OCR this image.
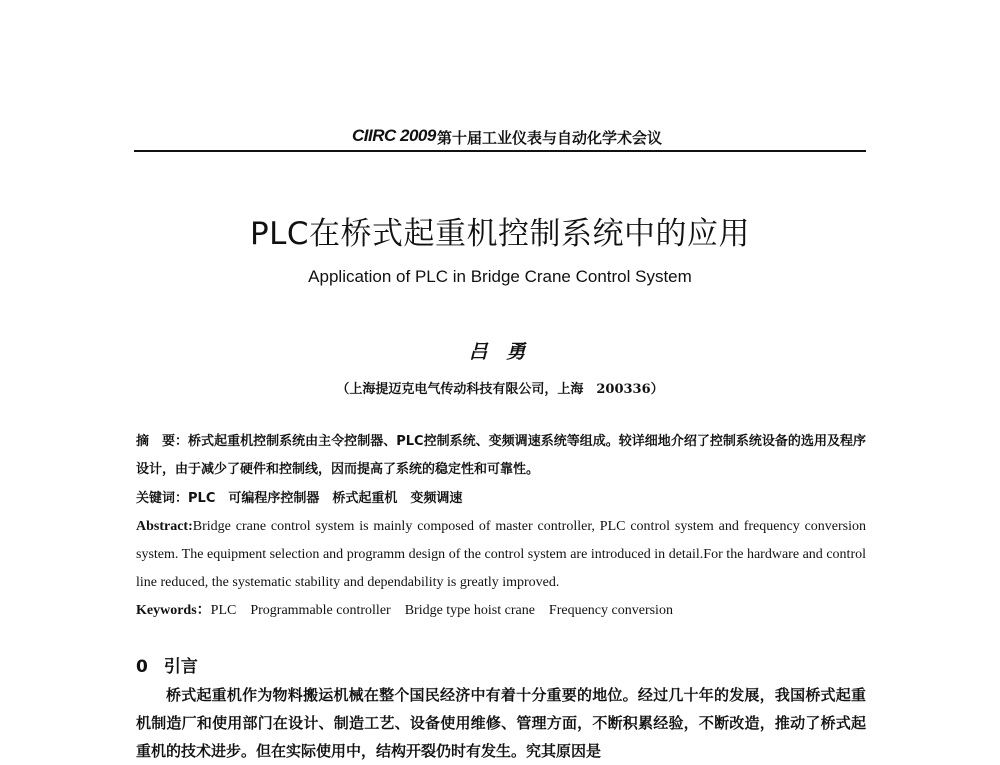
CIIRC 2009 第十届工业仪表与自动化学术会议
PLC在桥式起重机控制系统中的应用
Application of PLC in Bridge Crane Control System
吕 勇
（上海提迈克电气传动科技有限公司，上海　200336）
摘　要：桥式起重机控制系统由主令控制器、PLC控制系统、变频调速系统等组成。较详细地介绍了控制系统设备的选用及程序设计，由于减少了硬件和控制线，因而提高了系统的稳定性和可靠性。
关键词：PLC　可编程序控制器　桥式起重机　变频调速
Abstract:Bridge crane control system is mainly composed of master controller, PLC control system and frequency conversion system. The equipment selection and programm design of the control system are introduced in detail.For the hardware and control line reduced, the systematic stability and dependability is greatly improved.
Keywords：PLC　Programmable controller　Bridge type hoist crane　Frequency conversion
0 引言
桥式起重机作为物料搬运机械在整个国民经济中有着十分重要的地位。经过几十年的发展，我国桥式起重机制造厂和使用部门在设计、制造工艺、设备使用维修、管理方面，不断积累经验，不断改造，推动了桥式起重机的技术进步。但在实际使用中，结构开裂仍时有发生。究其原因是
